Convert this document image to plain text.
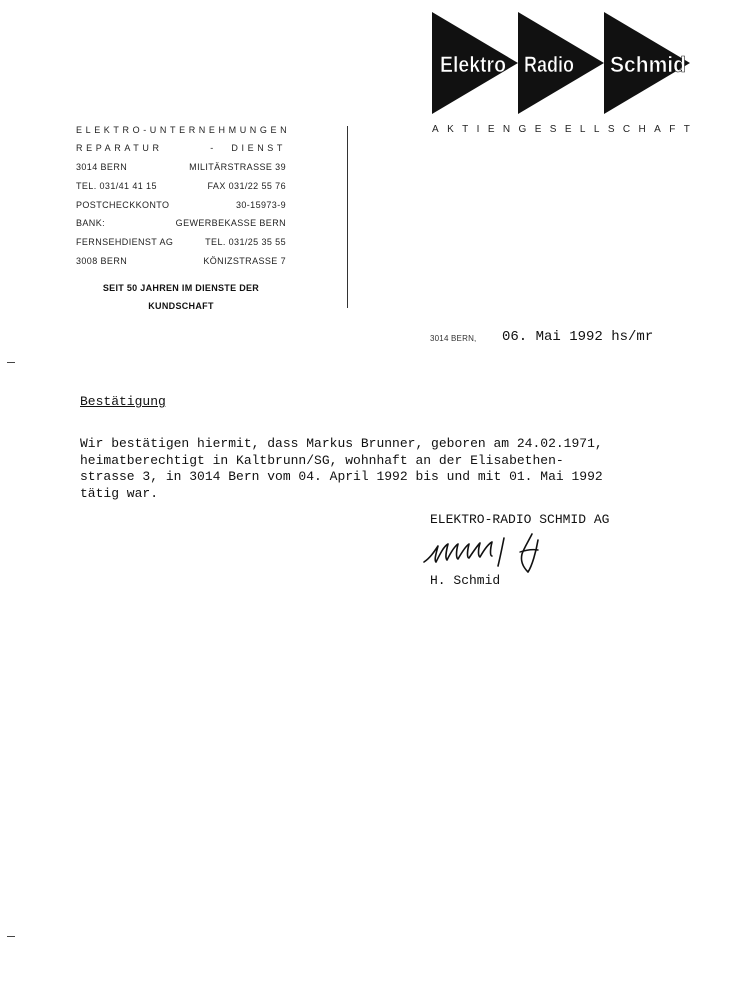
Elektro Radio Schmid
AKTIENGESELLSCHAFT
ELEKTRO-UNTERNEHMUNGEN
REPARATUR	- DIENST
3014 BERN	MILITÄRSTRASSE 39
TEL. 031/41 41 15	FAX 031/22 55 76
POSTCHECKKONTO	30-15973-9
BANK:	GEWERBEKASSE BERN
FERNSEHDIENST AG	TEL. 031/25 35 55
3008 BERN	KÖNIZSTRASSE 7
SEIT 50 JAHREN IM DIENSTE DER
KUNDSCHAFT
3014 BERN, 06. Mai 1992 hs/mr
Bestätigung
Wir bestätigen hiermit, dass Markus Brunner, geboren am 24.02.1971,
heimatberechtigt in Kaltbrunn/SG, wohnhaft an der Elisabethen-
strasse 3, in 3014 Bern vom 04. April 1992 bis und mit 01. Mai 1992
tätig war.
ELEKTRO-RADIO SCHMID AG
H. Schmid
